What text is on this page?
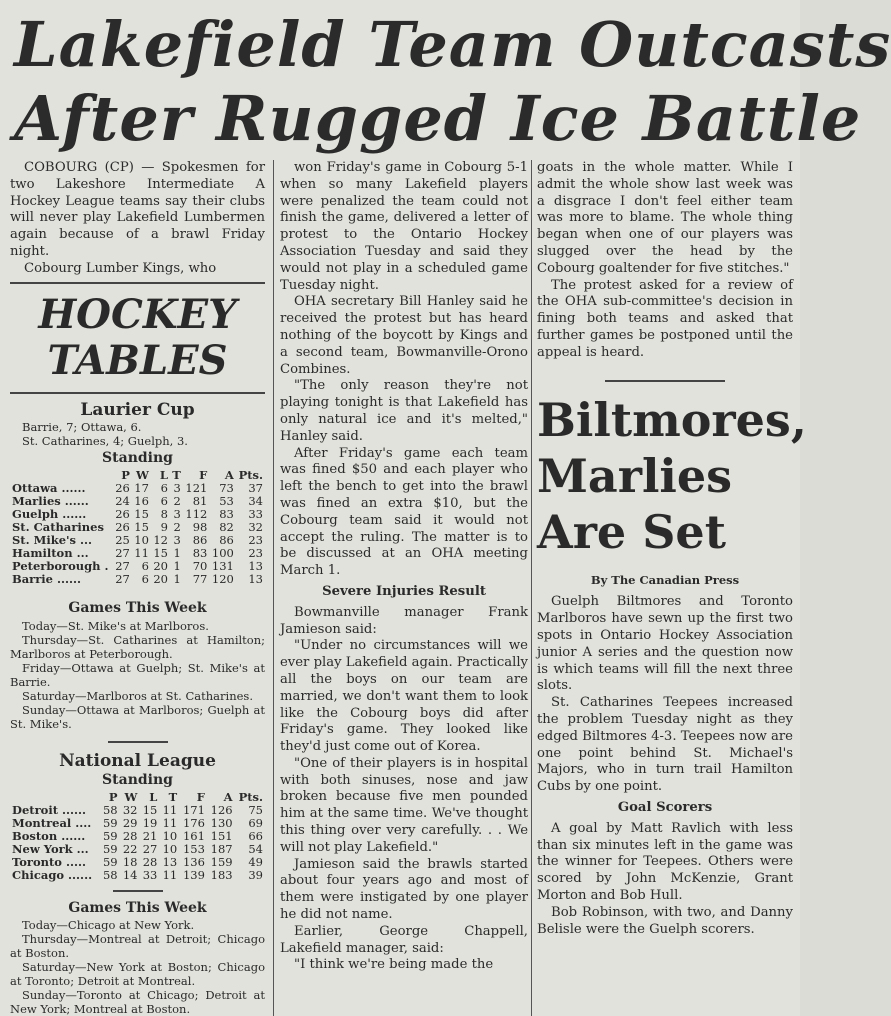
Lakefield Team Outcasts
After Rugged Ice Battle

COBOURG (CP) — Spokesmen for two Lakeshore Intermediate A Hockey League teams say their clubs will never play Lakefield Lumbermen again because of a brawl Friday night.

Cobourg Lumber Kings, who

HOCKEY
TABLES
Laurier Cup
Barrie, 7; Ottawa, 6.
St. Catharines, 4; Guelph, 3.
Standing
	P	W	L	T	F	A	Pts.
Ottawa ......	26	17	6	3	121	73	37
Marlies ......	24	16	6	2	81	53	34
Guelph ......	26	15	8	3	112	83	33
St. Catharines	26	15	9	2	98	82	32
St. Mike's ...	25	10	12	3	86	86	23
Hamilton ...	27	11	15	1	83	100	23
Peterborough .	27	6	20	1	70	131	13
Barrie ......	27	6	20	1	77	120	13
Games This Week

Today—St. Mike's at Marlboros.

Thursday—St. Catharines at Hamilton; Marlboros at Peterborough.

Friday—Ottawa at Guelph; St. Mike's at Barrie.

Saturday—Marlboros at St. Catharines.

Sunday—Ottawa at Marlboros; Guelph at St. Mike's.

National League
Standing
	P	W	L	T	F	A	Pts.
Detroit ......	58	32	15	11	171	126	75
Montreal ....	59	29	19	11	176	130	69
Boston ......	59	28	21	10	161	151	66
New York ...	59	22	27	10	153	187	54
Toronto .....	59	18	28	13	136	159	49
Chicago ......	58	14	33	11	139	183	39
Games This Week

Today—Chicago at New York.

Thursday—Montreal at Detroit; Chicago at Boston.

Saturday—New York at Boston; Chicago at Toronto; Detroit at Montreal.

Sunday—Toronto at Chicago; Detroit at New York; Montreal at Boston.

won Friday's game in Cobourg 5-1 when so many Lakefield players were penalized the team could not finish the game, delivered a letter of protest to the Ontario Hockey Association Tuesday and said they would not play in a scheduled game Tuesday night.

OHA secretary Bill Hanley said he received the protest but has heard nothing of the boycott by Kings and a second team, Bowmanville-Orono Combines.

"The only reason they're not playing tonight is that Lakefield has only natural ice and it's melted," Hanley said.

After Friday's game each team was fined $50 and each player who left the bench to get into the brawl was fined an extra $10, but the Cobourg team said it would not accept the ruling. The matter is to be discussed at an OHA meeting March 1.

Severe Injuries Result

Bowmanville manager Frank Jamieson said:

"Under no circumstances will we ever play Lakefield again. Practically all the boys on our team are married, we don't want them to look like the Cobourg boys did after Friday's game. They looked like they'd just come out of Korea.

"One of their players is in hospital with both sinuses, nose and jaw broken because five men pounded him at the same time. We've thought this thing over very carefully. . . We will not play Lakefield."

Jamieson said the brawls started about four years ago and most of them were instigated by one player he did not name.

Earlier, George Chappell, Lakefield manager, said:

"I think we're being made the

goats in the whole matter. While I admit the whole show last week was a disgrace I don't feel either team was more to blame. The whole thing began when one of our players was slugged over the head by the Cobourg goaltender for five stitches."

The protest asked for a review of the OHA sub-committee's decision in fining both teams and asked that further games be postponed until the appeal is heard.

Biltmores,
Marlies
Are Set
By The Canadian Press

Guelph Biltmores and Toronto Marlboros have sewn up the first two spots in Ontario Hockey Association junior A series and the question now is which teams will fill the next three slots.

St. Catharines Teepees increased the problem Tuesday night as they edged Biltmores 4-3. Teepees now are one point behind St. Michael's Majors, who in turn trail Hamilton Cubs by one point.

Goal Scorers

A goal by Matt Ravlich with less than six minutes left in the game was the winner for Teepees. Others were scored by John McKenzie, Grant Morton and Bob Hull.

Bob Robinson, with two, and Danny Belisle were the Guelph scorers.
